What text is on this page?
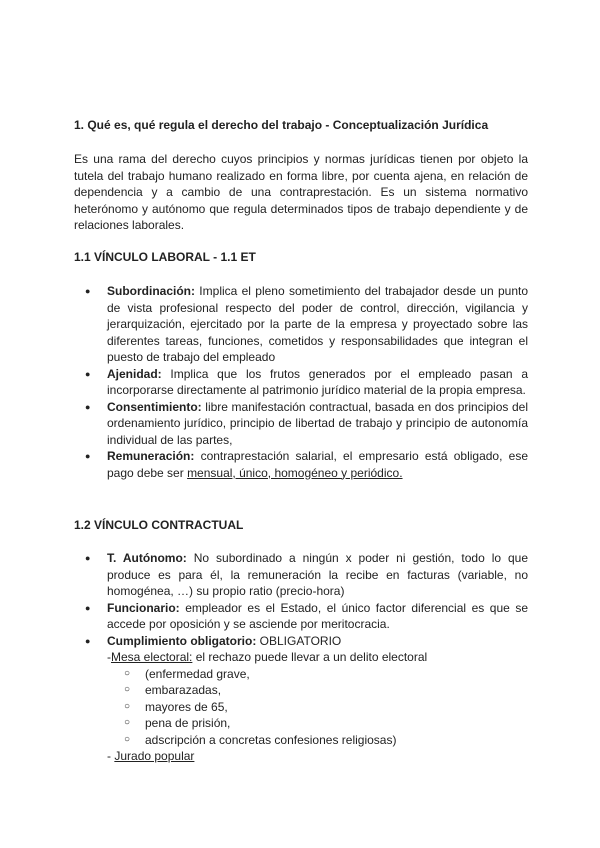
1. Qué es, qué regula el derecho del trabajo - Conceptualización Jurídica

Es una rama del derecho cuyos principios y normas jurídicas tienen por objeto la tutela del trabajo humano realizado en forma libre, por cuenta ajena, en relación de dependencia y a cambio de una contraprestación. Es un sistema normativo heterónomo y autónomo que regula determinados tipos de trabajo dependiente y de relaciones laborales.

1.1 VÍNCULO LABORAL - 1.1 ET
● Subordinación: Implica el pleno sometimiento del trabajador desde un punto de vista profesional respecto del poder de control, dirección, vigilancia y jerarquización, ejercitado por la parte de la empresa y proyectado sobre las diferentes tareas, funciones, cometidos y responsabilidades que integran el puesto de trabajo del empleado
● Ajenidad: Implica que los frutos generados por el empleado pasan a incorporarse directamente al patrimonio jurídico material de la propia empresa.
● Consentimiento: libre manifestación contractual, basada en dos principios del ordenamiento jurídico, principio de libertad de trabajo y principio de autonomía individual de las partes,
● Remuneración: contraprestación salarial, el empresario está obligado, ese pago debe ser mensual, único, homogéneo y periódico.
1.2 VÍNCULO CONTRACTUAL
● T. Autónomo: No subordinado a ningún x poder ni gestión, todo lo que produce es para él, la remuneración la recibe en facturas (variable, no homogénea, …) su propio ratio (precio-hora)
● Funcionario: empleador es el Estado, el único factor diferencial es que se accede por oposición y se asciende por meritocracia.
● Cumplimiento obligatorio: OBLIGATORIO
-Mesa electoral: el rechazo puede llevar a un delito electoral
○ (enfermedad grave,
○ embarazadas,
○ mayores de 65,
○ pena de prisión,
○ adscripción a concretas confesiones religiosas)
- Jurado popular
